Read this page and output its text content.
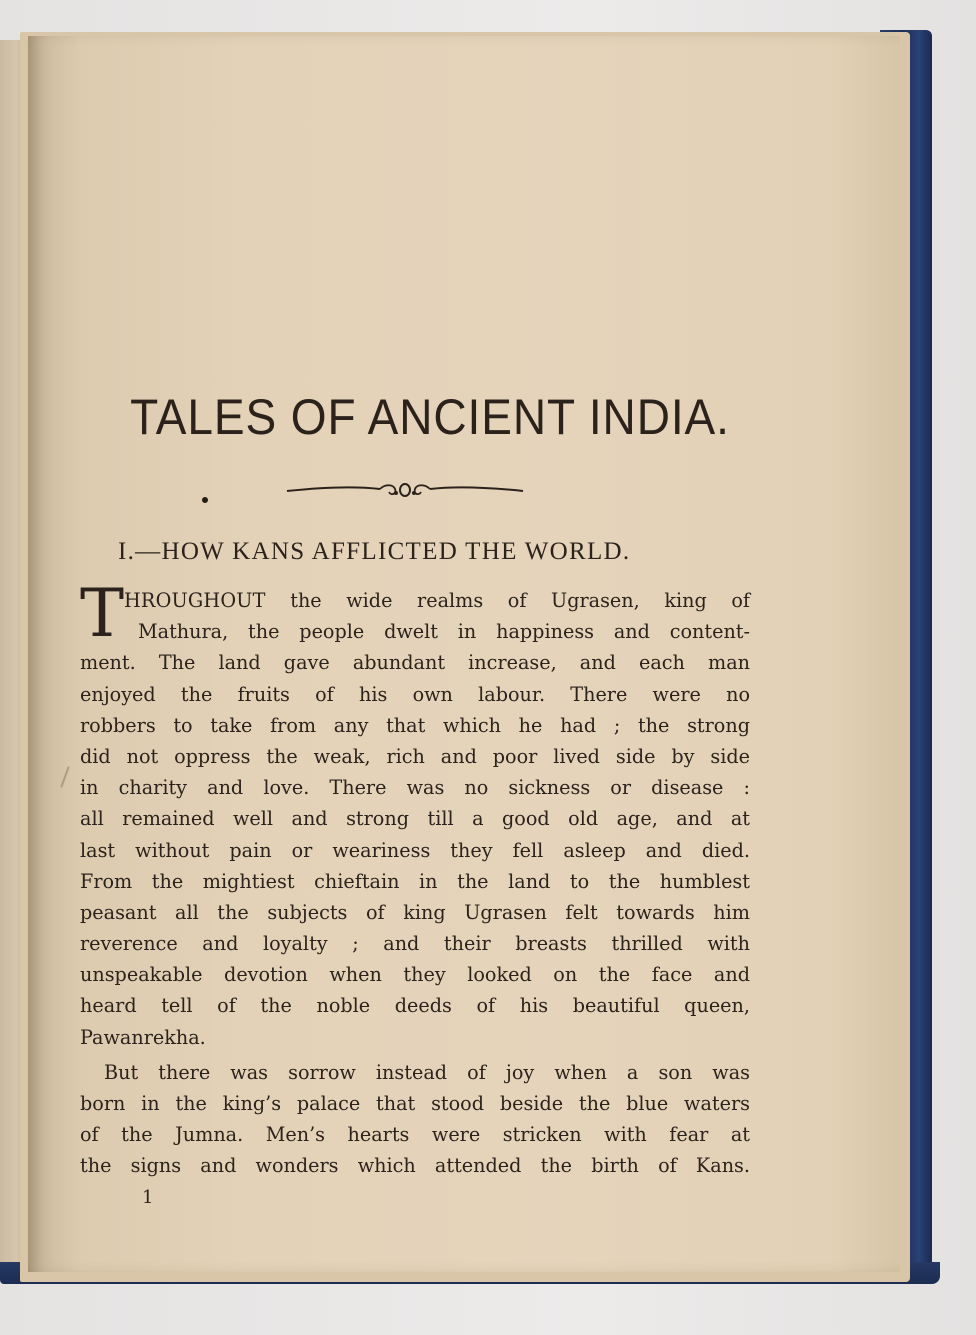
TALES OF ANCIENT INDIA.
I.—HOW KANS AFFLICTED THE WORLD.
T HROUGHOUT the wide realms of Ugrasen, king of
Mathura, the people dwelt in happiness and content-
ment. The land gave abundant increase, and each man
enjoyed the fruits of his own labour. There were no
robbers to take from any that which he had ; the strong
did not oppress the weak, rich and poor lived side by side
in charity and love. There was no sickness or disease :
all remained well and strong till a good old age, and at
last without pain or weariness they fell asleep and died.
From the mightiest chieftain in the land to the humblest
peasant all the subjects of king Ugrasen felt towards him
reverence and loyalty ; and their breasts thrilled with
unspeakable devotion when they looked on the face and
heard tell of the noble deeds of his beautiful queen,
Pawanrekha.
But there was sorrow instead of joy when a son was
born in the king’s palace that stood beside the blue waters
of the Jumna. Men’s hearts were stricken with fear at
the signs and wonders which attended the birth of Kans.
1
